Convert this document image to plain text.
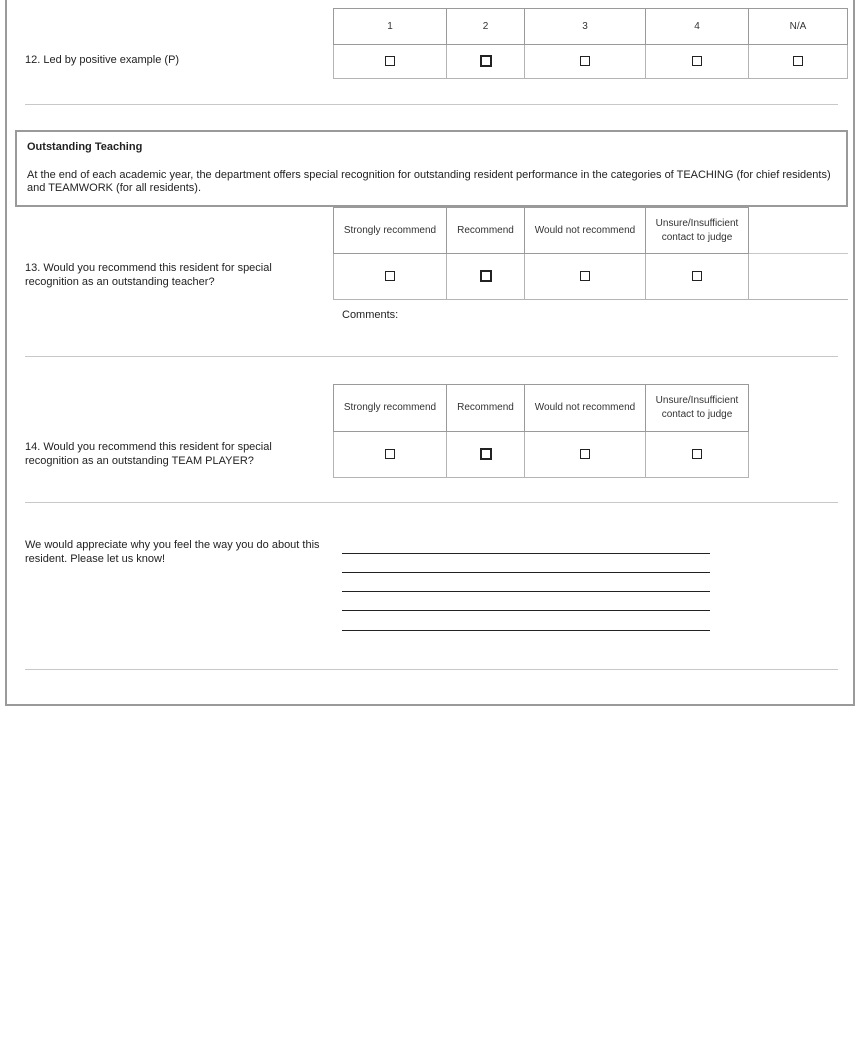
1	2	3	4	N/A

12. Led by positive example (P)
Outstanding Teaching
At the end of each academic year, the department offers special recognition for outstanding resident performance in the categories of TEACHING (for chief residents) and TEAMWORK (for all residents).
Strongly recommend	Recommend	Would not recommend	Unsure/Insufficient contact to judge	

13. Would you recommend this resident for special recognition as an outstanding teacher?
Comments:
Strongly recommend	Recommend	Would not recommend	Unsure/Insufficient contact to judge

14. Would you recommend this resident for special recognition as an outstanding TEAM PLAYER?
We would appreciate why you feel the way you do about this resident. Please let us know!
